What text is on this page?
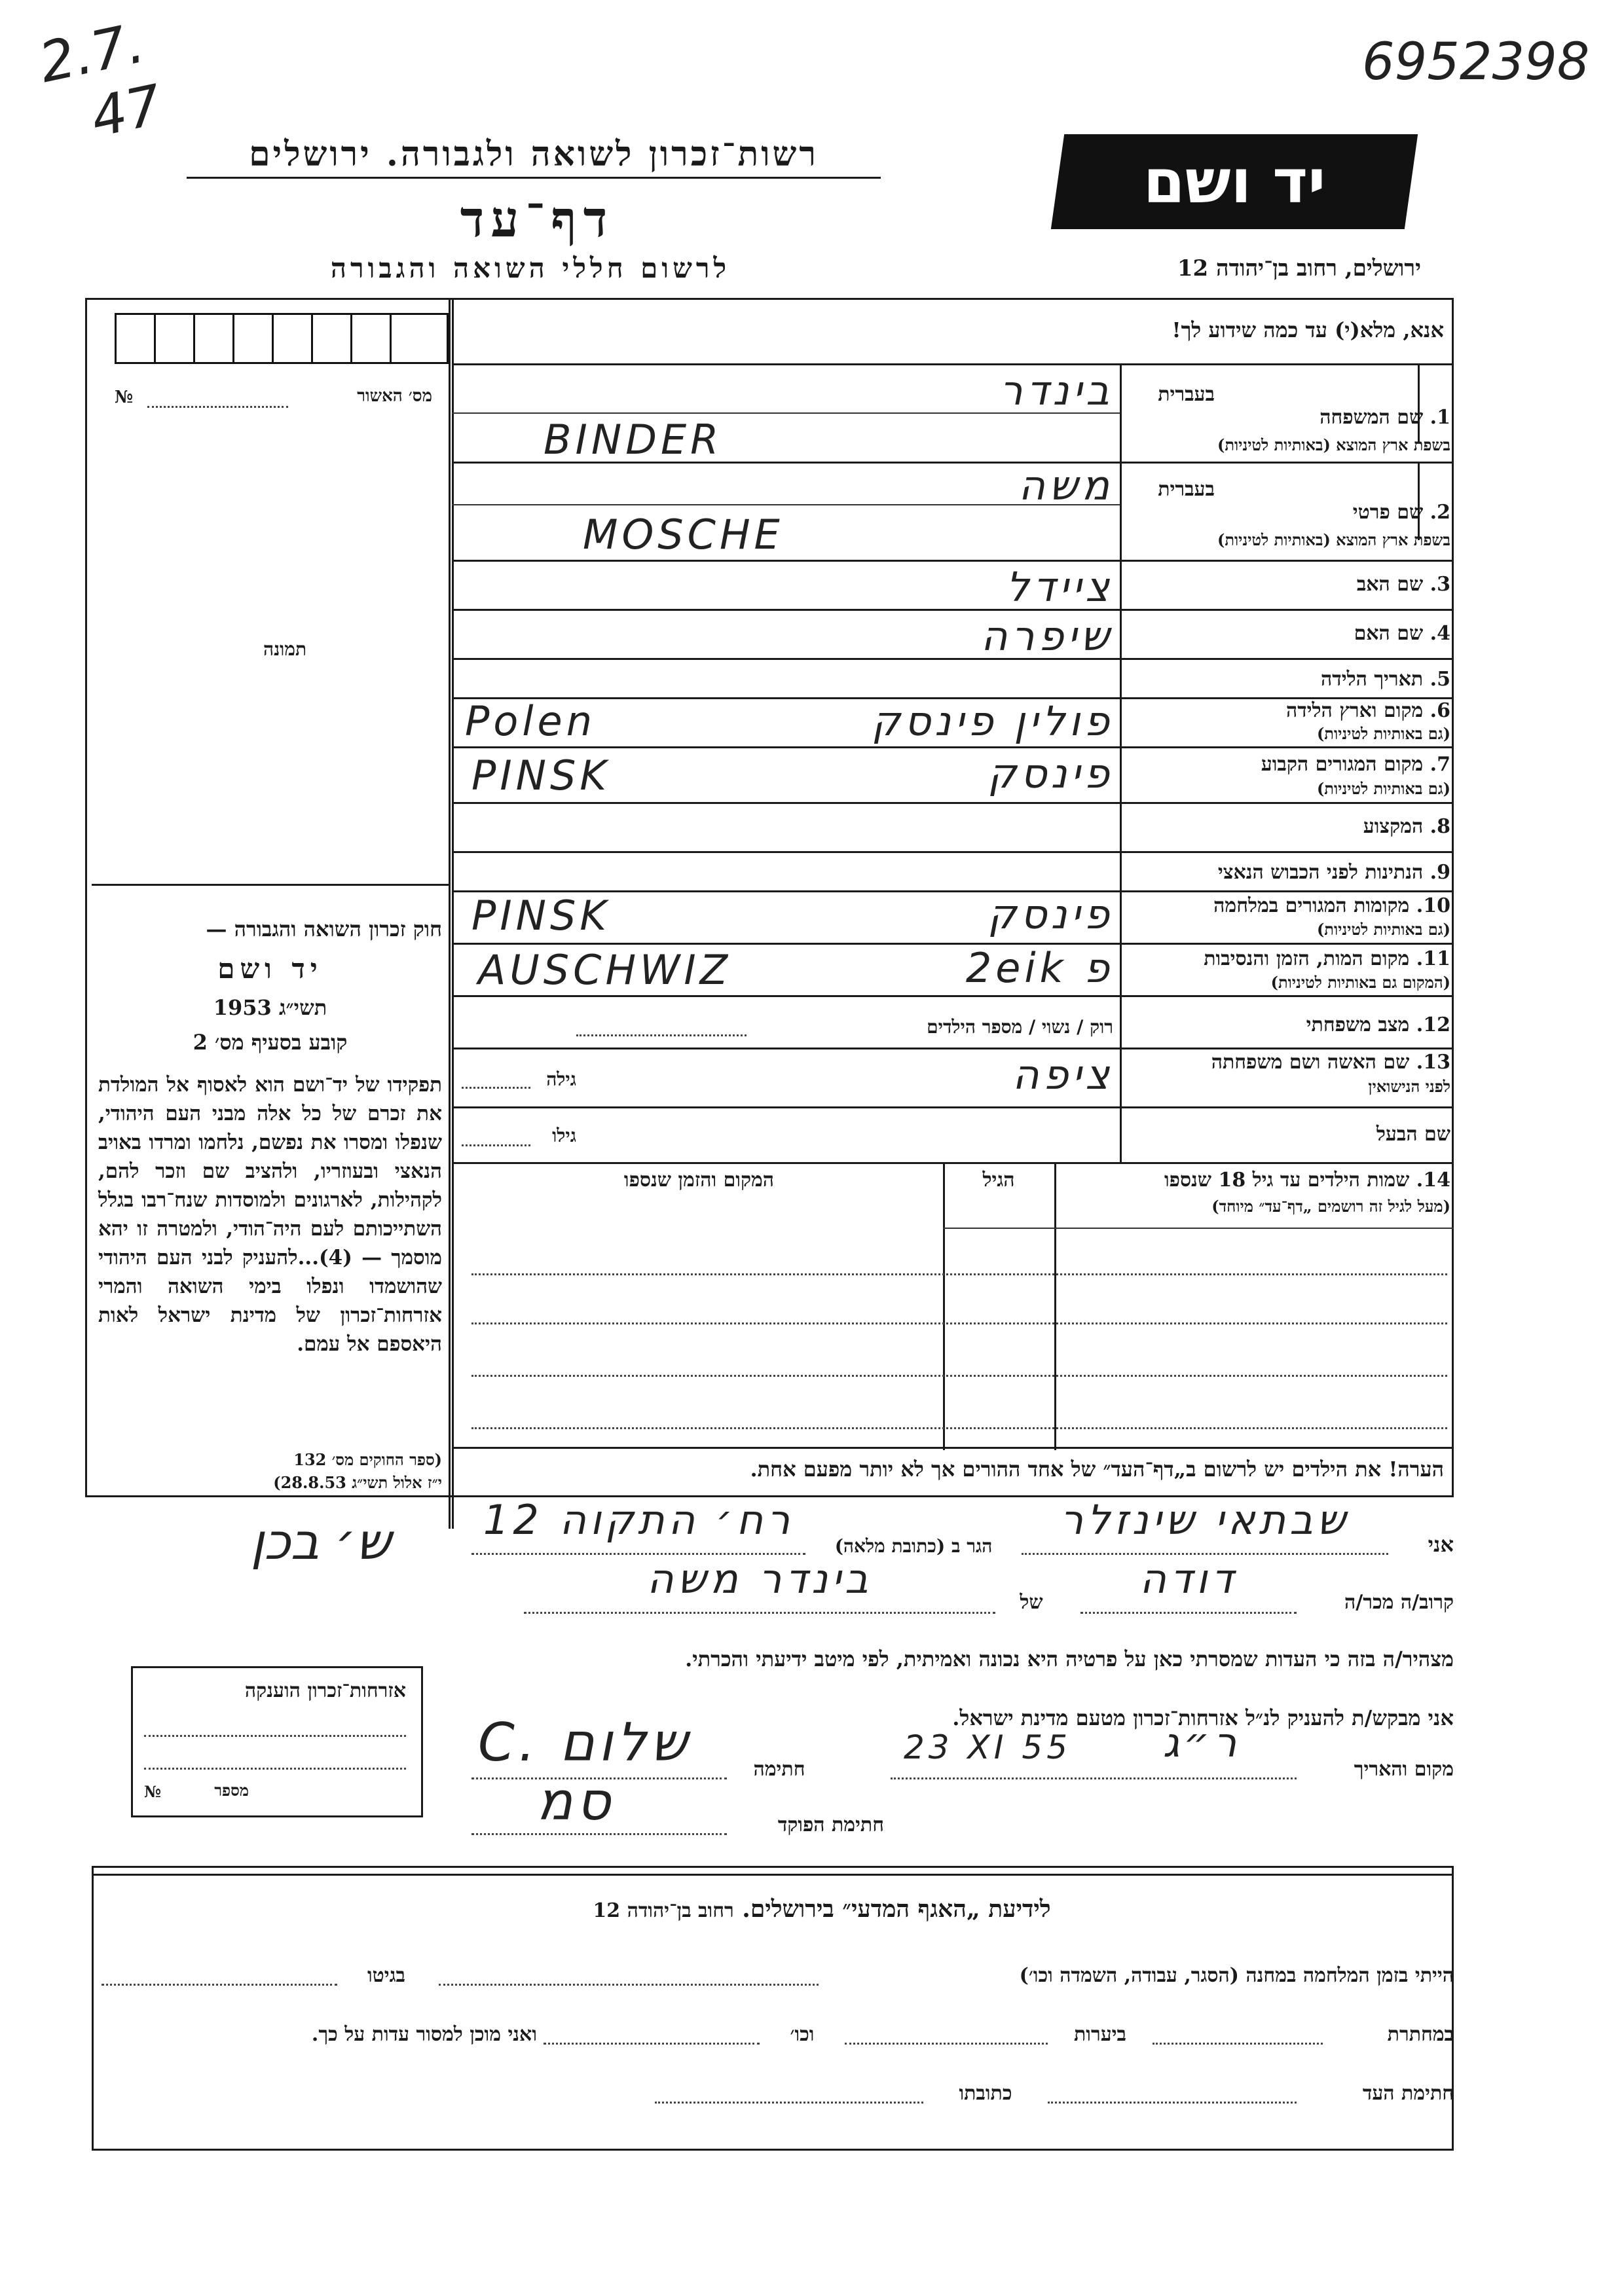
2.7.
47
6952398
רשות־זכרון לשואה ולגבורה. ירושלים
דף־עד
לרשום חללי השואה והגבורה
יד ושם
ירושלים, רחוב בן־יהודה 12
מס׳ האשור
№
תמונה
חוק זכרון השואה והגבורה —
יד ושם
1953 תשי״ג
קובע בסעיף מס׳ 2
תפקידו של יד־ושם הוא לאסוף אל המולדת את זכרם של כל אלה מבני העם היהודי, שנפלו ומסרו את נפשם, נלחמו ומרדו באויב הנאצי ובעוזריו, ולהציב שם וזכר להם, לקהילות, לארגונים ולמוסדות שנח־רבו בגלל השתייכותם לעם היה־הודי, ולמטרה זו יהא מוסמך — (4)...להעניק לבני העם היהודי שהושמדו ונפלו בימי השואה והמרי אזרחות־זכרון של מדינת ישראל לאות היאספם אל עמם.
(ספר החוקים מס׳ 132
י״ז אלול תשי״ג 28.8.53)
ש׳ בכן
אזרחות־זכרון הוענקה
מספר
№
אנא, מלא(י) עד כמה שידוע לך!
בעברית
1. שם המשפחה
בשפת ארץ המוצא (באותיות לטיניות)
בינדר
BINDER
בעברית
2. שם פרטי
בשפת ארץ המוצא (באותיות לטיניות)
משה
MOSCHE
3. שם האב
ציידל
4. שם האם
שיפרה
5. תאריך הלידה
6. מקום וארץ הלידה
(גם באותיות לטיניות)
פולין פינסק
Polen
7. מקום המגורים הקבוע
(גם באותיות לטיניות)
פינסק
PINSK
8. המקצוע
9. הנתינות לפני הכבוש הנאצי
10. מקומות המגורים במלחמה
(גם באותיות לטיניות)
פינסק
PINSK
11. מקום המות, הזמן והנסיבות
(המקום גם באותיות לטיניות)
פ 2eik
AUSCHWIZ
12. מצב משפחתי
רוק / נשוי / מספר הילדים
13. שם האשה ושם משפחתה
לפני הנישואין
ציפה
גילה
שם הבעל
גילו
14. שמות הילדים עד גיל 18 שנספו
(מעל לגיל זה רושמים „דף־עד״ מיוחד)
הגיל
המקום והזמן שנספו
הערה! את הילדים יש לרשום ב„דף־העד״ של אחד ההורים אך לא יותר מפעם אחת.
אני
שבתאי שינזלר
הגר ב (כתובת מלאה)
רח׳ התקוה 12
קרוב/ה מכר/ה
דודה
של
בינדר משה
מצהיר/ה בזה כי העדות שמסרתי כאן על פרטיה היא נכונה ואמיתית, לפי מיטב ידיעתי והכרתי.
אני מבקש/ת להעניק לנ״ל אזרחות־זכרון מטעם מדינת ישראל.
מקום והאריך
ר״ג
23 XI 55
חתימה
C. שלום
חתימת הפוקד
סמ
לידיעת „האגף המדעי״ בירושלים. רחוב בן־יהודה 12
הייתי בזמן המלחמה במחנה (הסגר, עבודה, השמדה וכו׳)
בגיטו
במחתרת
ביערות
וכו׳
ואני מוכן למסור עדות על כך.
חתימת העד
כתובתו
